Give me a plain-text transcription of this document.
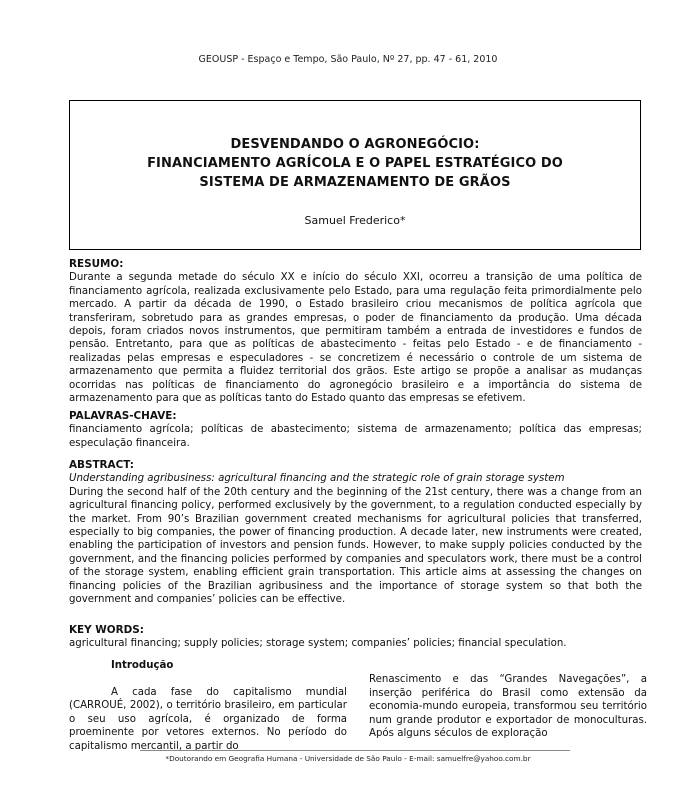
GEOUSP - Espaço e Tempo, São Paulo, Nº 27, pp. 47 - 61, 2010
DESVENDANDO O AGRONEGÓCIO:
FINANCIAMENTO AGRÍCOLA E O PAPEL ESTRATÉGICO DO
SISTEMA DE ARMAZENAMENTO DE GRÃOS
Samuel Frederico*
RESUMO:

Durante a segunda metade do século XX e início do século XXI, ocorreu a transição de uma política de financiamento agrícola, realizada exclusivamente pelo Estado, para uma regulação feita primordialmente pelo mercado. A partir da década de 1990, o Estado brasileiro criou mecanismos de política agrícola que transferiram, sobretudo para as grandes empresas, o poder de financiamento da produção. Uma década depois, foram criados novos instrumentos, que permitiram também a entrada de investidores e fundos de pensão. Entretanto, para que as políticas de abastecimento - feitas pelo Estado - e de financiamento - realizadas pelas empresas e especuladores - se concretizem é necessário o controle de um sistema de armazenamento que permita a fluidez territorial dos grãos. Este artigo se propõe a analisar as mudanças ocorridas nas políticas de financiamento do agronegócio brasileiro e a importância do sistema de armazenamento para que as políticas tanto do Estado quanto das empresas se efetivem.

PALAVRAS-CHAVE:

financiamento agrícola; políticas de abastecimento; sistema de armazenamento; política das empresas; especulação financeira.

ABSTRACT:
Understanding agribusiness: agricultural financing and the strategic role of grain storage system

During the second half of the 20th century and the beginning of the 21st century, there was a change from an agricultural financing policy, performed exclusively by the government, to a regulation conducted especially by the market. From 90’s Brazilian government created mechanisms for agricultural policies that transferred, especially to big companies, the power of financing production. A decade later, new instruments were created, enabling the participation of investors and pension funds. However, to make supply policies conducted by the government, and the financing policies performed by companies and speculators work, there must be a control of the storage system, enabling efficient grain transportation. This article aims at assessing the changes on financing policies of the Brazilian agribusiness and the importance of storage system so that both the government and companies’ policies can be effective.

KEY WORDS:

agricultural financing; supply policies; storage system; companies’ policies; financial speculation.

Introdução

A cada fase do capitalismo mundial (CARROUÉ, 2002), o território brasileiro, em particular o seu uso agrícola, é organizado de forma proeminente por vetores externos. No período do capitalismo mercantil, a partir do

Renascimento e das “Grandes Navegações”, a inserção periférica do Brasil como extensão da economia-mundo europeia, transformou seu território num grande produtor e exportador de monoculturas. Após alguns séculos de exploração

*Doutorando em Geografia Humana - Universidade de São Paulo - E-mail: samuelfre@yahoo.com.br
